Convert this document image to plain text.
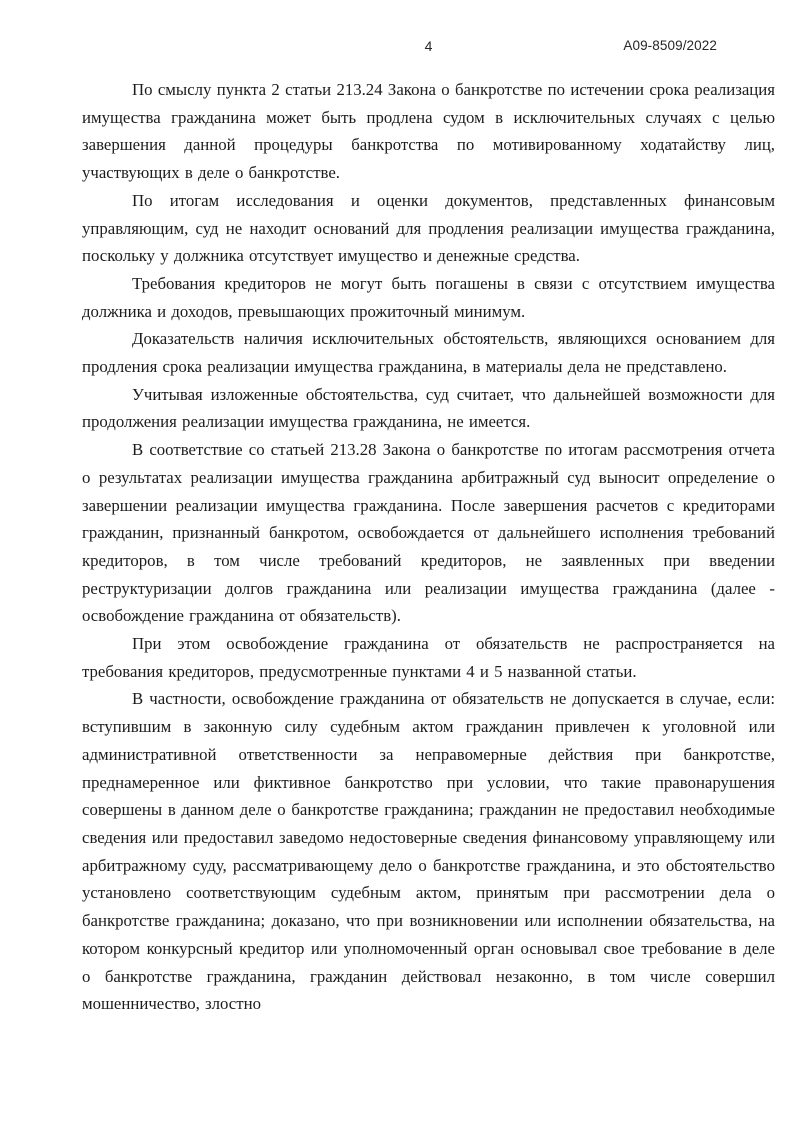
4	А09-8509/2022

По смыслу пункта 2 статьи 213.24 Закона о банкротстве по истечении срока реализация имущества гражданина может быть продлена судом в исключительных случаях с целью завершения данной процедуры банкротства по мотивированному ходатайству лиц, участвующих в деле о банкротстве.

По итогам исследования и оценки документов, представленных финансовым управляющим, суд не находит оснований для продления реализации имущества гражданина, поскольку у должника отсутствует имущество и денежные средства.

Требования кредиторов не могут быть погашены в связи с отсутствием имущества должника и доходов, превышающих прожиточный минимум.

Доказательств наличия исключительных обстоятельств, являющихся основанием для продления срока реализации имущества гражданина, в материалы дела не представлено.

Учитывая изложенные обстоятельства, суд считает, что дальнейшей возможности для продолжения реализации имущества гражданина, не имеется.

В соответствие со статьей 213.28 Закона о банкротстве по итогам рассмотрения отчета о результатах реализации имущества гражданина арбитражный суд выносит определение о завершении реализации имущества гражданина. После завершения расчетов с кредиторами гражданин, признанный банкротом, освобождается от дальнейшего исполнения требований кредиторов, в том числе требований кредиторов, не заявленных при введении реструктуризации долгов гражданина или реализации имущества гражданина (далее - освобождение гражданина от обязательств).

При этом освобождение гражданина от обязательств не распространяется на требования кредиторов, предусмотренные пунктами 4 и 5 названной статьи.

В частности, освобождение гражданина от обязательств не допускается в случае, если: вступившим в законную силу судебным актом гражданин привлечен к уголовной или административной ответственности за неправомерные действия при банкротстве, преднамеренное или фиктивное банкротство при условии, что такие правонарушения совершены в данном деле о банкротстве гражданина; гражданин не предоставил необходимые сведения или предоставил заведомо недостоверные сведения финансовому управляющему или арбитражному суду, рассматривающему дело о банкротстве гражданина, и это обстоятельство установлено соответствующим судебным актом, принятым при рассмотрении дела о банкротстве гражданина; доказано, что при возникновении или исполнении обязательства, на котором конкурсный кредитор или уполномоченный орган основывал свое требование в деле о банкротстве гражданина, гражданин действовал незаконно, в том числе совершил мошенничество, злостно
